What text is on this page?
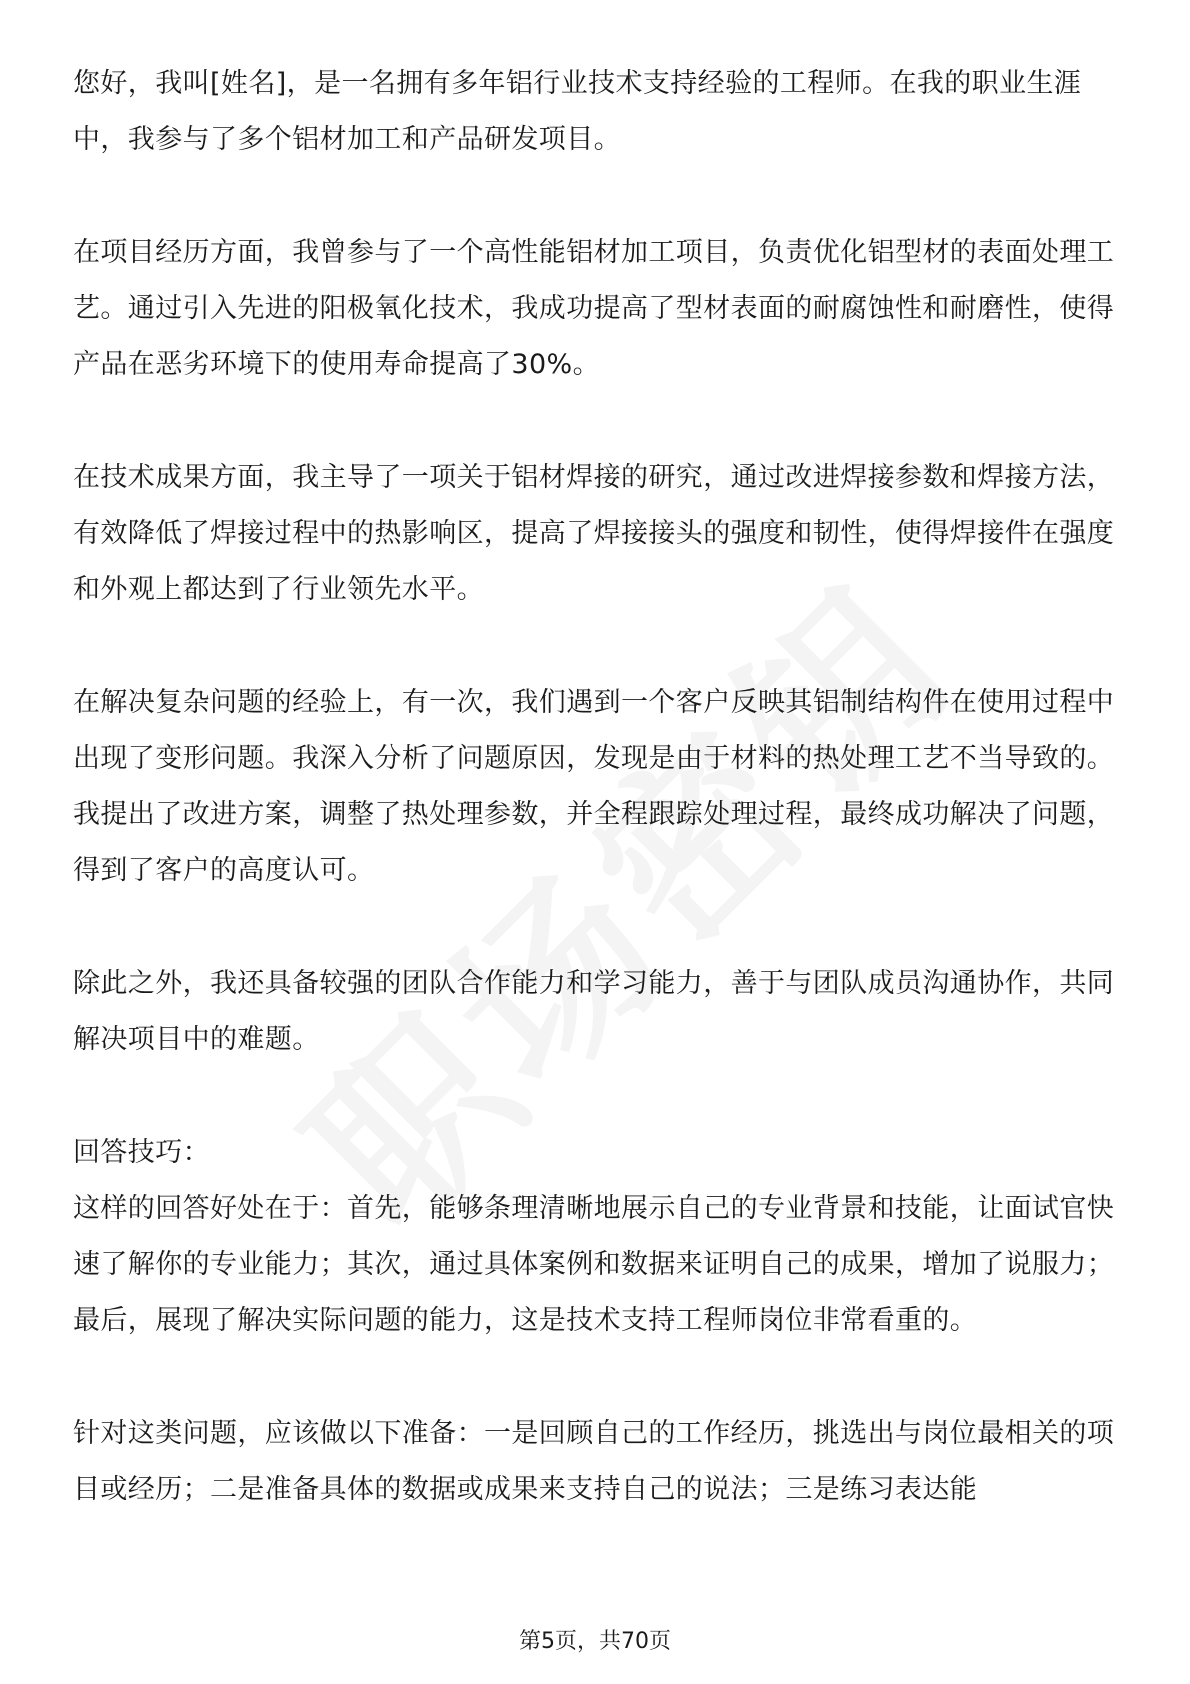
您好，我叫[姓名]，是一名拥有多年铝行业技术支持经验的工程师。在我的职业生涯中，我参与了多个铝材加工和产品研发项目。

在项目经历方面，我曾参与了一个高性能铝材加工项目，负责优化铝型材的表面处理工艺。通过引入先进的阳极氧化技术，我成功提高了型材表面的耐腐蚀性和耐磨性，使得产品在恶劣环境下的使用寿命提高了30%。

在技术成果方面，我主导了一项关于铝材焊接的研究，通过改进焊接参数和焊接方法，有效降低了焊接过程中的热影响区，提高了焊接接头的强度和韧性，使得焊接件在强度和外观上都达到了行业领先水平。

在解决复杂问题的经验上，有一次，我们遇到一个客户反映其铝制结构件在使用过程中出现了变形问题。我深入分析了问题原因，发现是由于材料的热处理工艺不当导致的。我提出了改进方案，调整了热处理参数，并全程跟踪处理过程，最终成功解决了问题，得到了客户的高度认可。

除此之外，我还具备较强的团队合作能力和学习能力，善于与团队成员沟通协作，共同解决项目中的难题。

回答技巧：

这样的回答好处在于：首先，能够条理清晰地展示自己的专业背景和技能，让面试官快速了解你的专业能力；其次，通过具体案例和数据来证明自己的成果，增加了说服力；最后，展现了解决实际问题的能力，这是技术支持工程师岗位非常看重的。

针对这类问题，应该做以下准备：一是回顾自己的工作经历，挑选出与岗位最相关的项目或经历；二是准备具体的数据或成果来支持自己的说法；三是练习表达能

第5页，共70页
